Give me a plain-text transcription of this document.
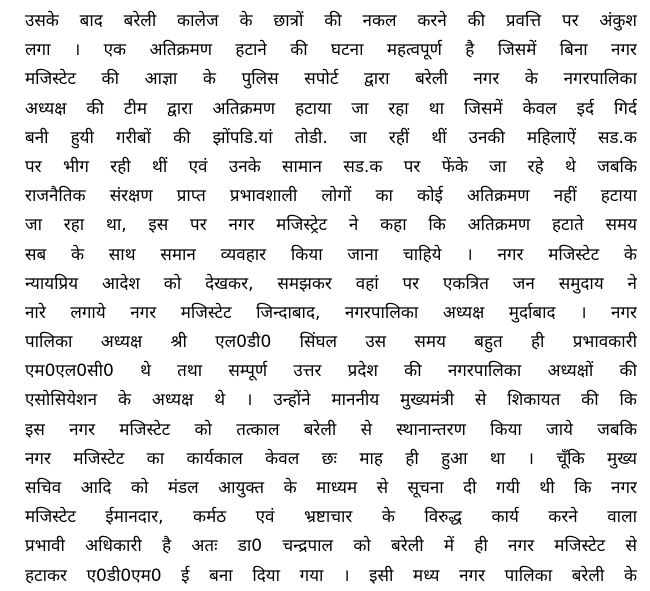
उसके बाद बरेली कालेज के छात्रों की नकल करने की प्रवत्ति पर अंकुश
लगा । एक अतिक्रमण हटाने की घटना महत्वपूर्ण है जिसमें बिना नगर
मजिस्टेट की आज्ञा के पुलिस सपोर्ट द्वारा बरेली नगर के नगरपालिका
अध्यक्ष की टीम द्वारा अतिक्रमण हटाया जा रहा था जिसमें केवल इर्द गिर्द
बनी हुयी गरीबों की झोंपडि.यां तोडी. जा रहीं थीं उनकी महिलाऐं सड.क
पर भीग रही थीं एवं उनके सामान सड.क पर फेंके जा रहे थे जबकि
राजनैतिक संरक्षण प्राप्त प्रभावशाली लोगों का कोई अतिक्रमण नहीं हटाया
जा रहा था, इस पर नगर मजिस्ट्रेट ने कहा कि अतिक्रमण हटाते समय
सब के साथ समान व्यवहार किया जाना चाहिये । नगर मजिस्टेट के
न्यायप्रिय आदेश को देखकर, समझकर वहां पर एकत्रित जन समुदाय ने
नारे लगाये नगर मजिस्टेट जिन्दाबाद, नगरपालिका अध्यक्ष मुर्दाबाद । नगर
पालिका अध्यक्ष श्री एल0डी0 सिंघल उस समय बहुत ही प्रभावकारी
एम0एल0सी0 थे तथा सम्पूर्ण उत्तर प्रदेश की नगरपालिका अध्यक्षों की
एसोसियेशन के अध्यक्ष थे । उन्होंने माननीय मुख्यमंत्री से शिकायत की कि
इस नगर मजिस्टेट को तत्काल बरेली से स्थानान्तरण किया जाये जबकि
नगर मजिस्टेट का कार्यकाल केवल छः माह ही हुआ था । चूँकि मुख्य
सचिव आदि को मंडल आयुक्त के माध्यम से सूचना दी गयी थी कि नगर
मजिस्टेट ईमानदार, कर्मठ एवं भ्रष्टाचार के विरुद्ध कार्य करने वाला
प्रभावी अधिकारी है अतः डा0 चन्द्रपाल को बरेली में ही नगर मजिस्टेट से
हटाकर ए0डी0एम0 ई बना दिया गया । इसी मध्य नगर पालिका बरेली के
